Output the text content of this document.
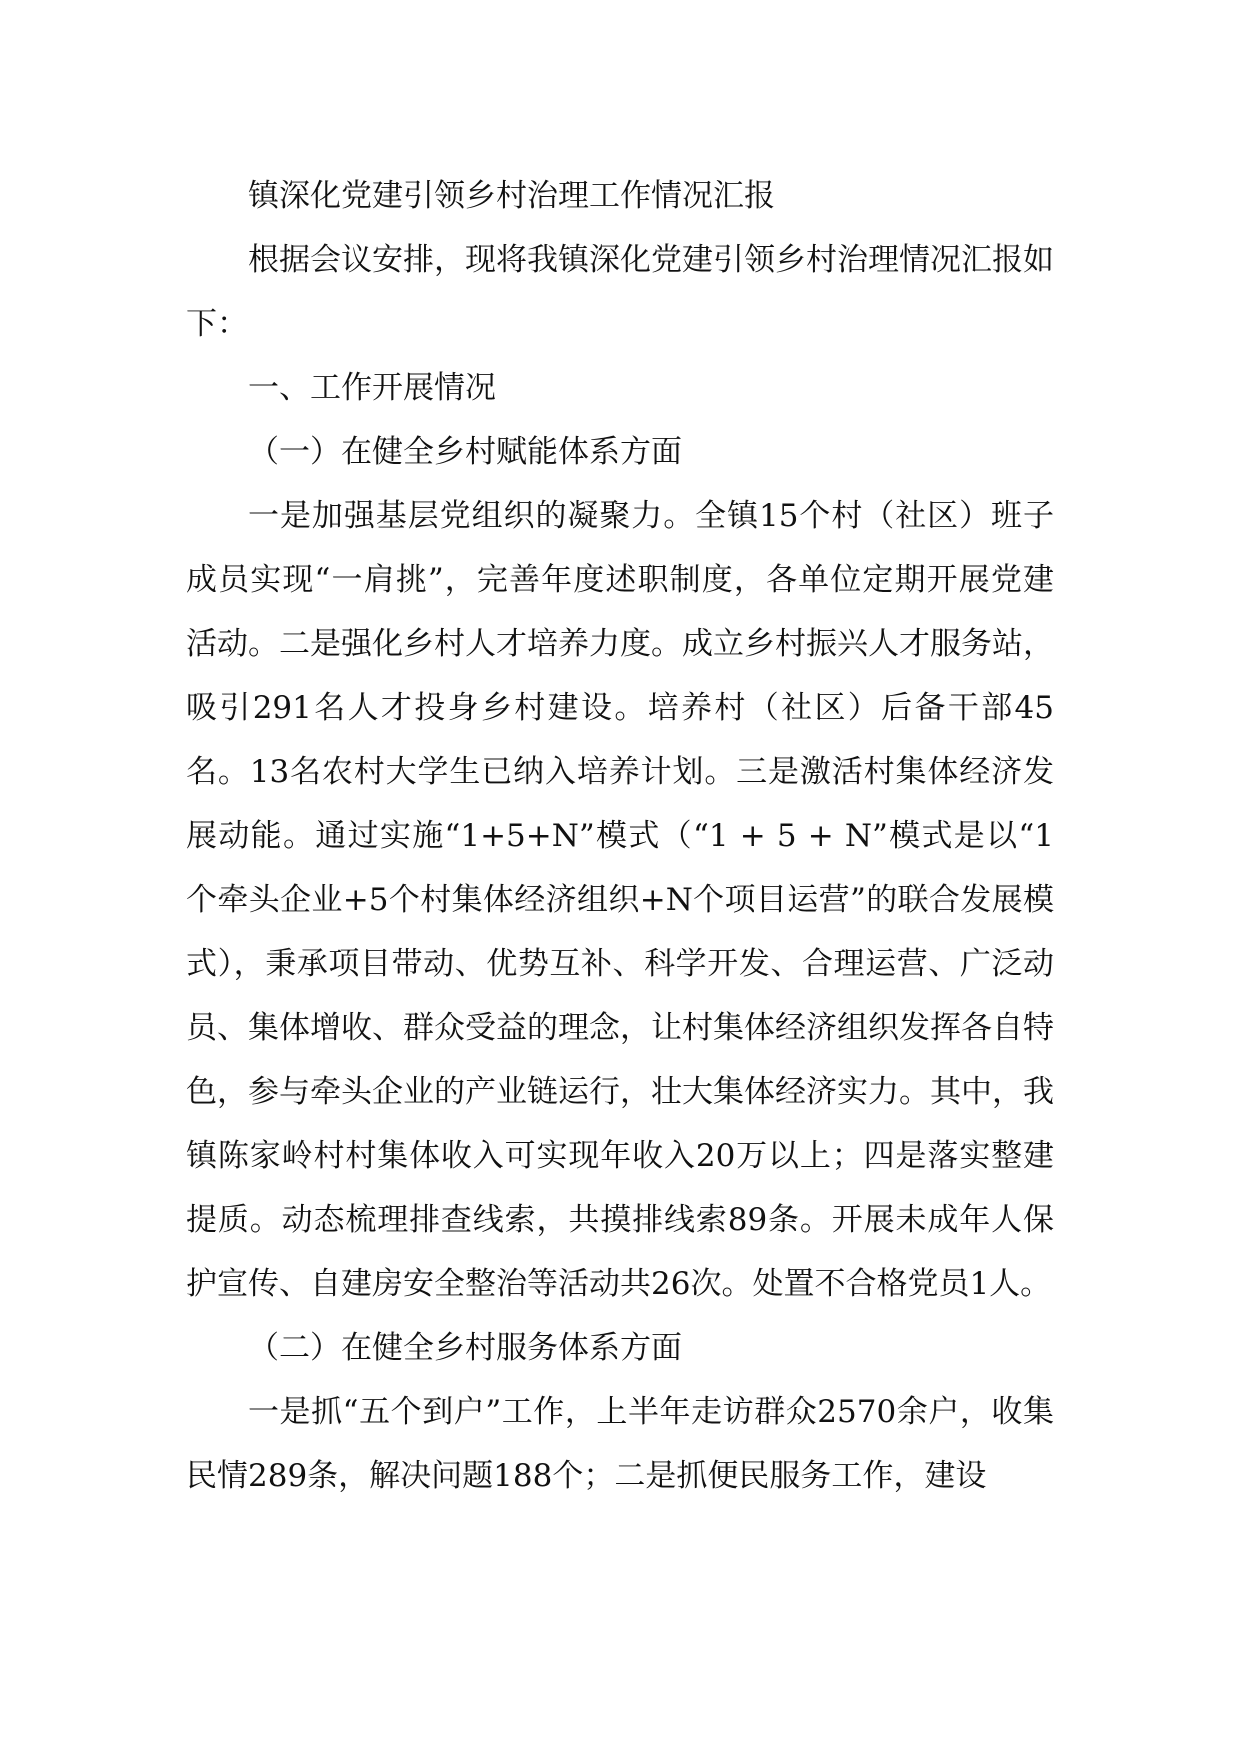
镇深化党建引领乡村治理工作情况汇报

根据会议安排，现将我镇深化党建引领乡村治理情况汇报如下：

一、工作开展情况

（一）在健全乡村赋能体系方面

一是加强基层党组织的凝聚力。全镇15个村（社区）班子成员实现“一肩挑”，完善年度述职制度，各单位定期开展党建活动。二是强化乡村人才培养力度。成立乡村振兴人才服务站，吸引291名人才投身乡村建设。培养村（社区）后备干部45名。13名农村大学生已纳入培养计划。三是激活村集体经济发展动能。通过实施“1+5+N”模式（“1 + 5 + N”模式是以“1个牵头企业+5个村集体经济组织+N个项目运营”的联合发展模式），秉承项目带动、优势互补、科学开发、合理运营、广泛动员、集体增收、群众受益的理念，让村集体经济组织发挥各自特色，参与牵头企业的产业链运行，壮大集体经济实力。其中，我镇陈家岭村村集体收入可实现年收入20万以上；四是落实整建提质。动态梳理排查线索，共摸排线索89条。开展未成年人保护宣传、自建房安全整治等活动共26次。处置不合格党员1人。

（二）在健全乡村服务体系方面

一是抓“五个到户”工作，上半年走访群众2570余户，收集民情289条，解决问题188个；二是抓便民服务工作，建设
